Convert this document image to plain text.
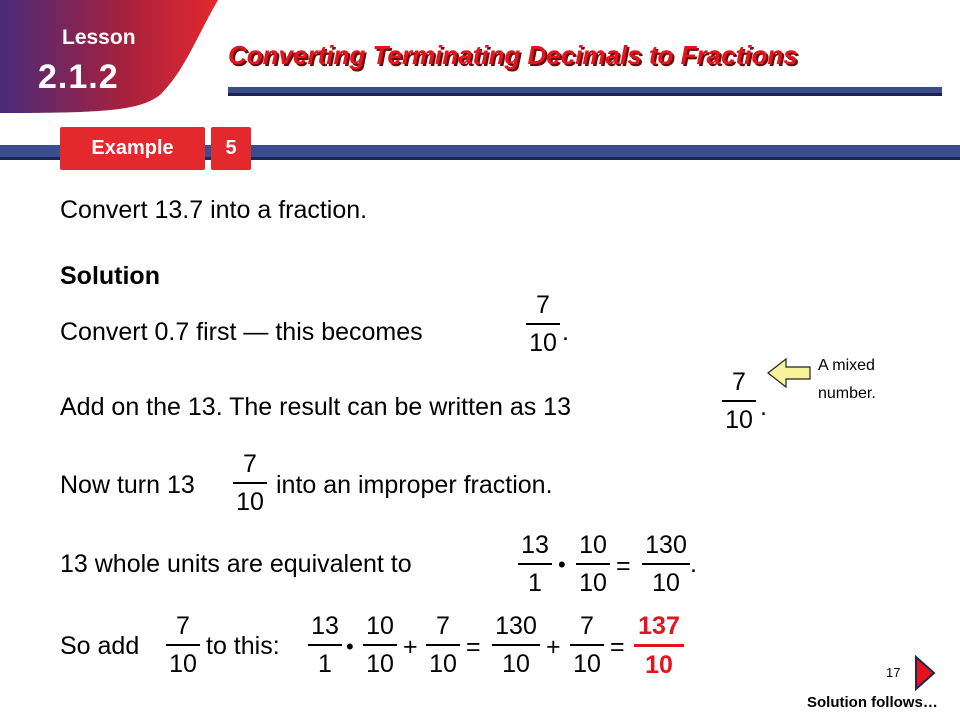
Lesson
2.1.2
Converting Terminating Decimals to Fractions
Example	5
Convert 13.7 into a fraction.
Solution
Convert 0.7 first — this becomes
7
10 .
Add on the 13. The result can be written as 13
7
10 .
A mixed
number.
Now turn 13
7
10
into an improper fraction.
13 whole units are equivalent to
13
1
•
10
10
=
130
10
.
So add
7
10
to this:
13
1
•
10
10
+
7
10
=
130
10
+
7
10
=
137
10	17
Solution follows…
